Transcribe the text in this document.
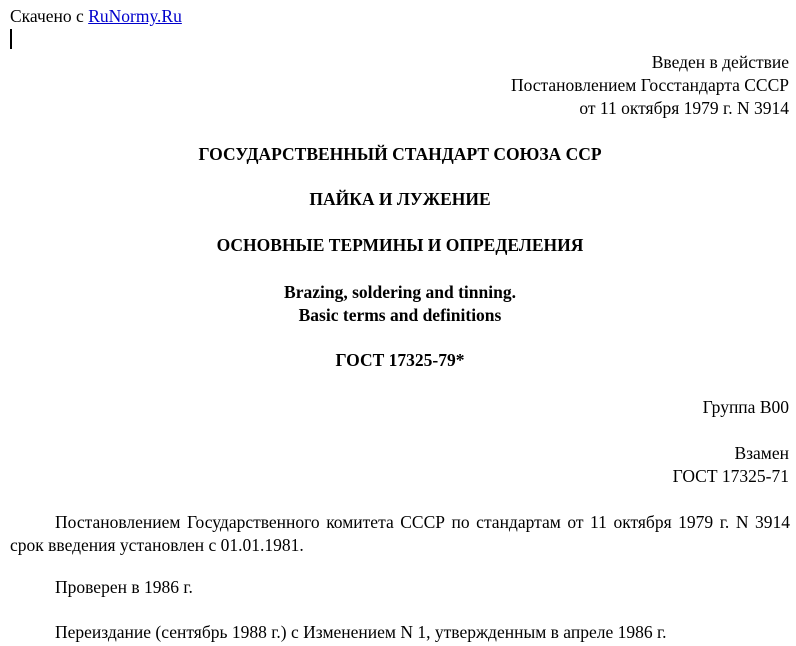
Скачено с RuNormy.Ru
Введен в действие
Постановлением Госстандарта СССР
от 11 октября 1979 г. N 3914
ГОСУДАРСТВЕННЫЙ СТАНДАРТ СОЮЗА ССР
ПАЙКА И ЛУЖЕНИЕ
ОСНОВНЫЕ ТЕРМИНЫ И ОПРЕДЕЛЕНИЯ
Brazing, soldering and tinning.
Basic terms and definitions
ГОСТ 17325-79*
Группа В00
Взамен
ГОСТ 17325-71
Постановлением Государственного комитета СССР по стандартам от 11 октября 1979 г. N 3914 срок введения установлен с 01.01.1981.
Проверен в 1986 г.
Переиздание (сентябрь 1988 г.) с Изменением N 1, утвержденным в апреле 1986 г.
